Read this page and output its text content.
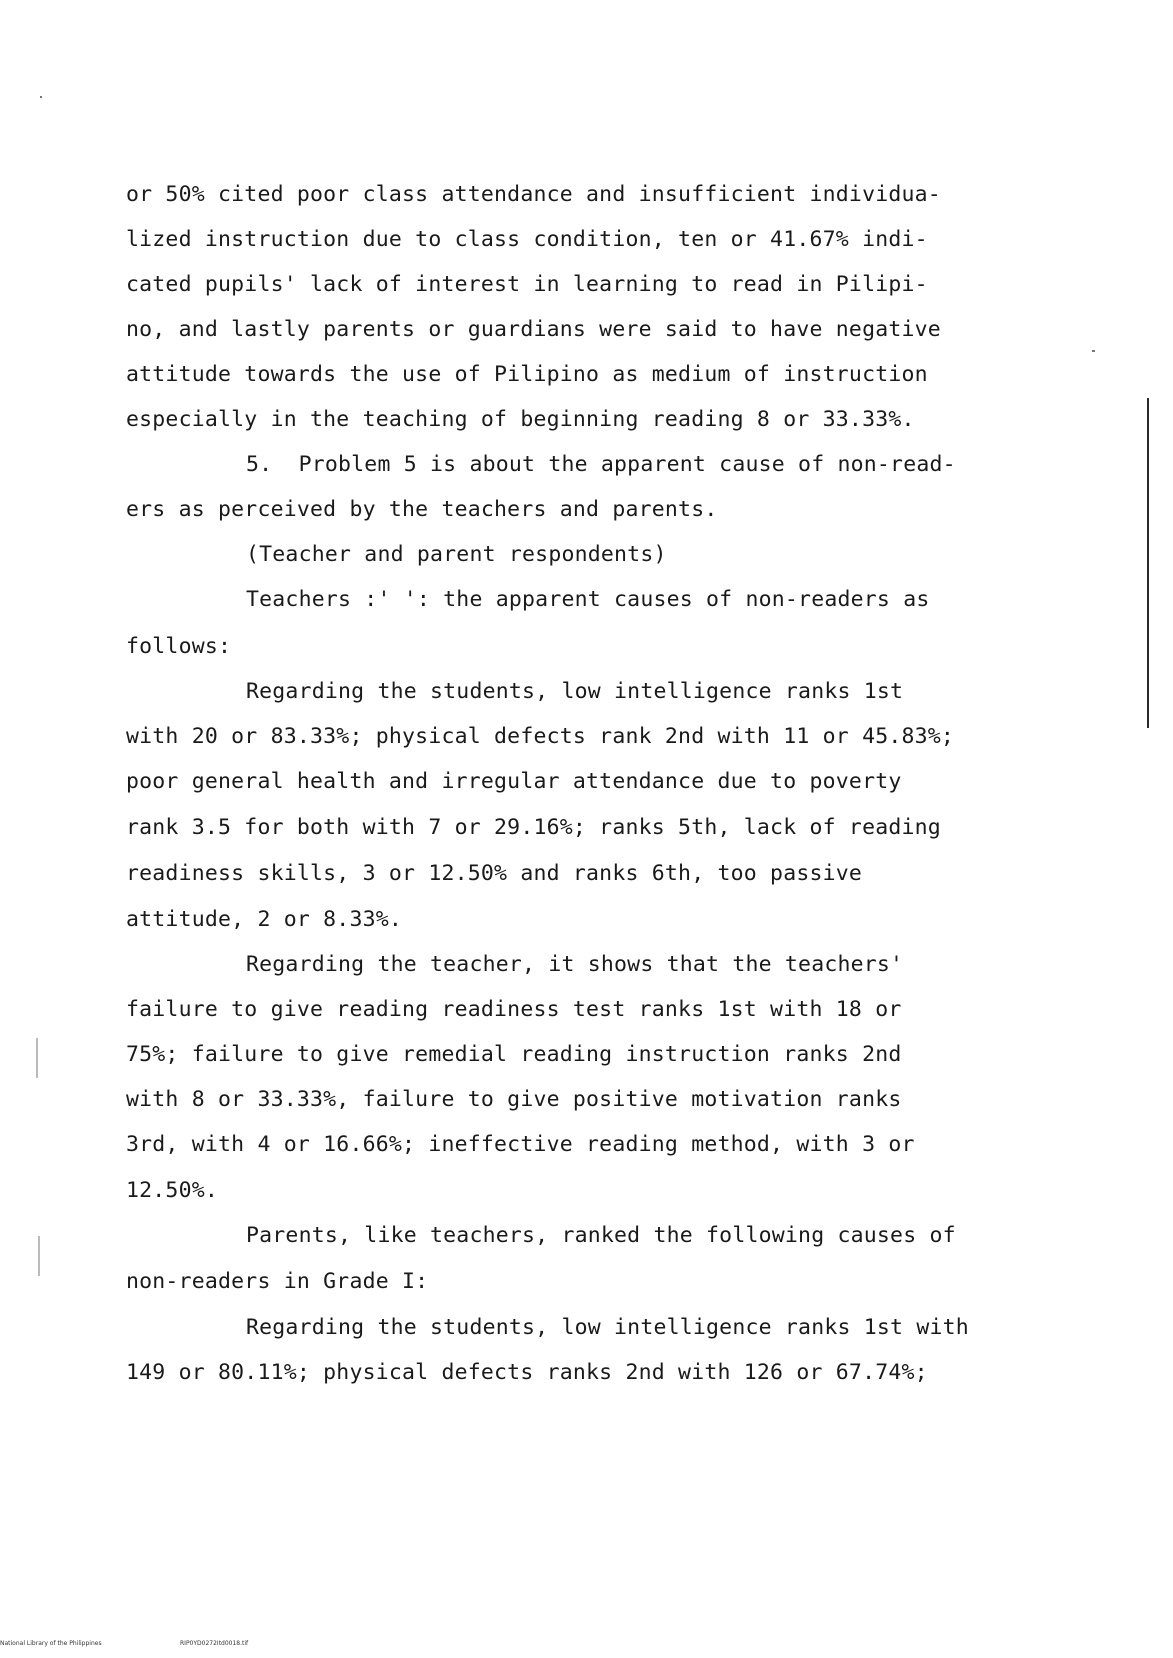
or 50% cited poor class attendance and insufficient individua-
lized instruction due to class condition, ten or 41.67% indi-
cated pupils' lack of interest in learning to read in Pilipi-
no, and lastly parents or guardians were said to have negative
attitude towards the use of Pilipino as medium of instruction
especially in the teaching of beginning reading 8 or 33.33%.
5.  Problem 5 is about the apparent cause of non-read-
ers as perceived by the teachers and parents.
(Teacher and parent respondents)
Teachers :' ': the apparent causes of non-readers as
follows:
Regarding the students, low intelligence ranks 1st
with 20 or 83.33%; physical defects rank 2nd with 11 or 45.83%;
poor general health and irregular attendance due to poverty
rank 3.5 for both with 7 or 29.16%; ranks 5th, lack of reading
readiness skills, 3 or 12.50% and ranks 6th, too passive
attitude, 2 or 8.33%.
Regarding the teacher, it shows that the teachers'
failure to give reading readiness test ranks 1st with 18 or
75%; failure to give remedial reading instruction ranks 2nd
with 8 or 33.33%, failure to give positive motivation ranks
3rd, with 4 or 16.66%; ineffective reading method, with 3 or
12.50%.
Parents, like teachers, ranked the following causes of
non-readers in Grade I:
Regarding the students, low intelligence ranks 1st with
149 or 80.11%; physical defects ranks 2nd with 126 or 67.74%;
National Library of the Philippines	RIP0YD0272Itd0018.tif
